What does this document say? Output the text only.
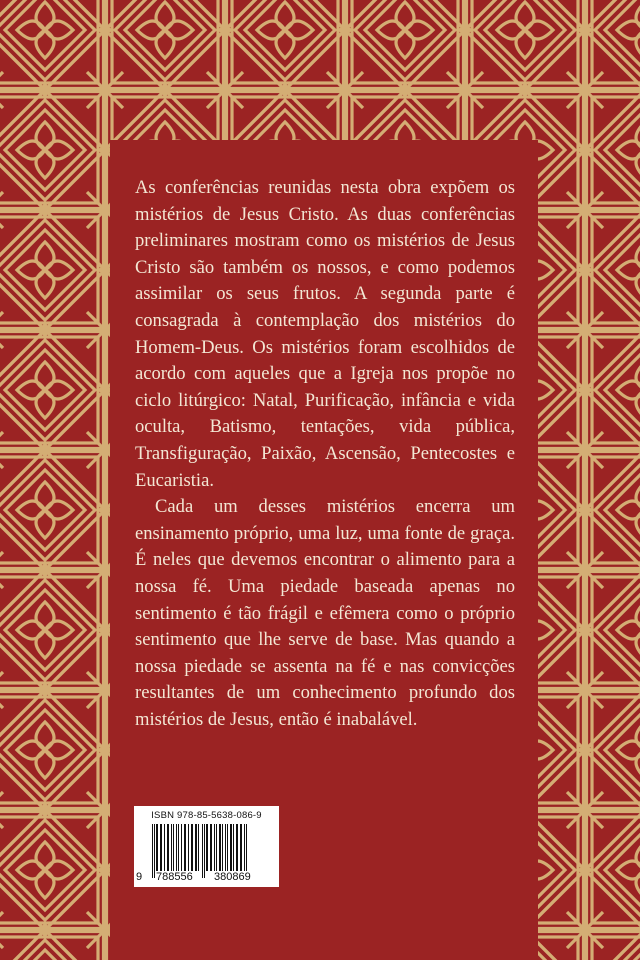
As conferências reunidas nesta obra expõem os mistérios de Jesus Cristo. As duas conferências preliminares mostram como os mistérios de Jesus Cristo são também os nossos, e como podemos assimilar os seus frutos. A segunda parte é consagrada à contemplação dos mistérios do Homem-Deus. Os mistérios foram escolhidos de acordo com aqueles que a Igreja nos propõe no ciclo litúrgico: Natal, Purificação, infância e vida oculta, Batismo, tentações, vida pública, Transfiguração, Paixão, Ascensão, Pentecostes e Eucaristia.

Cada um desses mistérios encerra um ensinamento próprio, uma luz, uma fonte de graça. É neles que devemos encontrar o alimento para a nossa fé. Uma piedade baseada apenas no sentimento é tão frágil e efêmera como o próprio sentimento que lhe serve de base. Mas quando a nossa piedade se assenta na fé e nas convicções resultantes de um conhecimento profundo dos mistérios de Jesus, então é inabalável.

ISBN 978-85-5638-086-9
9 788556 380869
